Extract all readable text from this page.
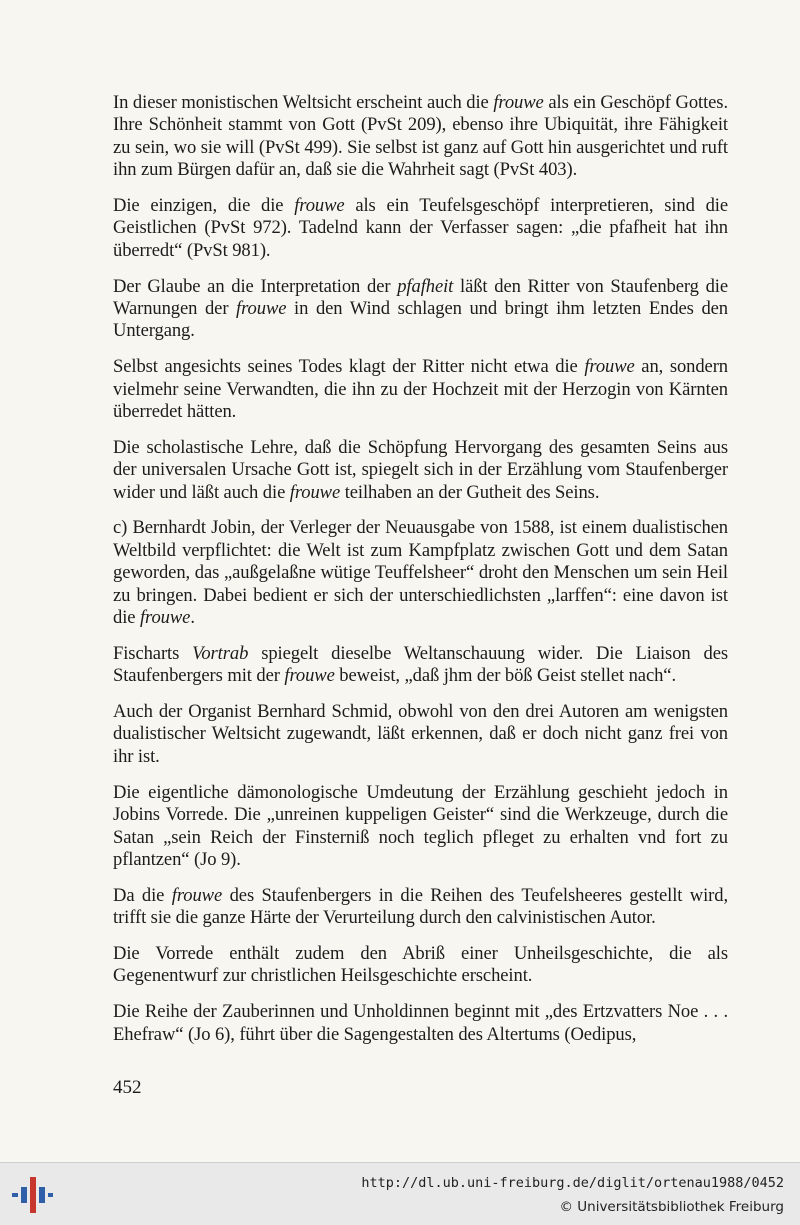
In dieser monistischen Weltsicht erscheint auch die frouwe als ein Geschöpf Gottes. Ihre Schönheit stammt von Gott (PvSt 209), ebenso ihre Ubiquität, ihre Fähigkeit zu sein, wo sie will (PvSt 499). Sie selbst ist ganz auf Gott hin ausgerichtet und ruft ihn zum Bürgen dafür an, daß sie die Wahrheit sagt (PvSt 403).

Die einzigen, die die frouwe als ein Teufelsgeschöpf interpretieren, sind die Geistlichen (PvSt 972). Tadelnd kann der Verfasser sagen: „die pfafheit hat ihn überredt“ (PvSt 981).

Der Glaube an die Interpretation der pfafheit läßt den Ritter von Staufenberg die Warnungen der frouwe in den Wind schlagen und bringt ihm letzten Endes den Untergang.

Selbst angesichts seines Todes klagt der Ritter nicht etwa die frouwe an, sondern vielmehr seine Verwandten, die ihn zu der Hochzeit mit der Herzogin von Kärnten überredet hätten.

Die scholastische Lehre, daß die Schöpfung Hervorgang des gesamten Seins aus der universalen Ursache Gott ist, spiegelt sich in der Erzählung vom Staufenberger wider und läßt auch die frouwe teilhaben an der Gutheit des Seins.

c) Bernhardt Jobin, der Verleger der Neuausgabe von 1588, ist einem dualistischen Weltbild verpflichtet: die Welt ist zum Kampfplatz zwischen Gott und dem Satan geworden, das „außgelaßne wütige Teuffelsheer“ droht den Menschen um sein Heil zu bringen. Dabei bedient er sich der unterschiedlichsten „larffen“: eine davon ist die frouwe.

Fischarts Vortrab spiegelt dieselbe Weltanschauung wider. Die Liaison des Staufenbergers mit der frouwe beweist, „daß jhm der böß Geist stellet nach“.

Auch der Organist Bernhard Schmid, obwohl von den drei Autoren am wenigsten dualistischer Weltsicht zugewandt, läßt erkennen, daß er doch nicht ganz frei von ihr ist.

Die eigentliche dämonologische Umdeutung der Erzählung geschieht jedoch in Jobins Vorrede. Die „unreinen kuppeligen Geister“ sind die Werkzeuge, durch die Satan „sein Reich der Finsterniß noch teglich pfleget zu erhalten vnd fort zu pflantzen“ (Jo 9).

Da die frouwe des Staufenbergers in die Reihen des Teufelsheeres gestellt wird, trifft sie die ganze Härte der Verurteilung durch den calvinistischen Autor.

Die Vorrede enthält zudem den Abriß einer Unheilsgeschichte, die als Gegenentwurf zur christlichen Heilsgeschichte erscheint.

Die Reihe der Zauberinnen und Unholdinnen beginnt mit „des Ertzvatters Noe . . . Ehefraw“ (Jo 6), führt über die Sagengestalten des Altertums (Oedipus,

452
http://dl.ub.uni-freiburg.de/diglit/ortenau1988/0452
© Universitätsbibliothek Freiburg
